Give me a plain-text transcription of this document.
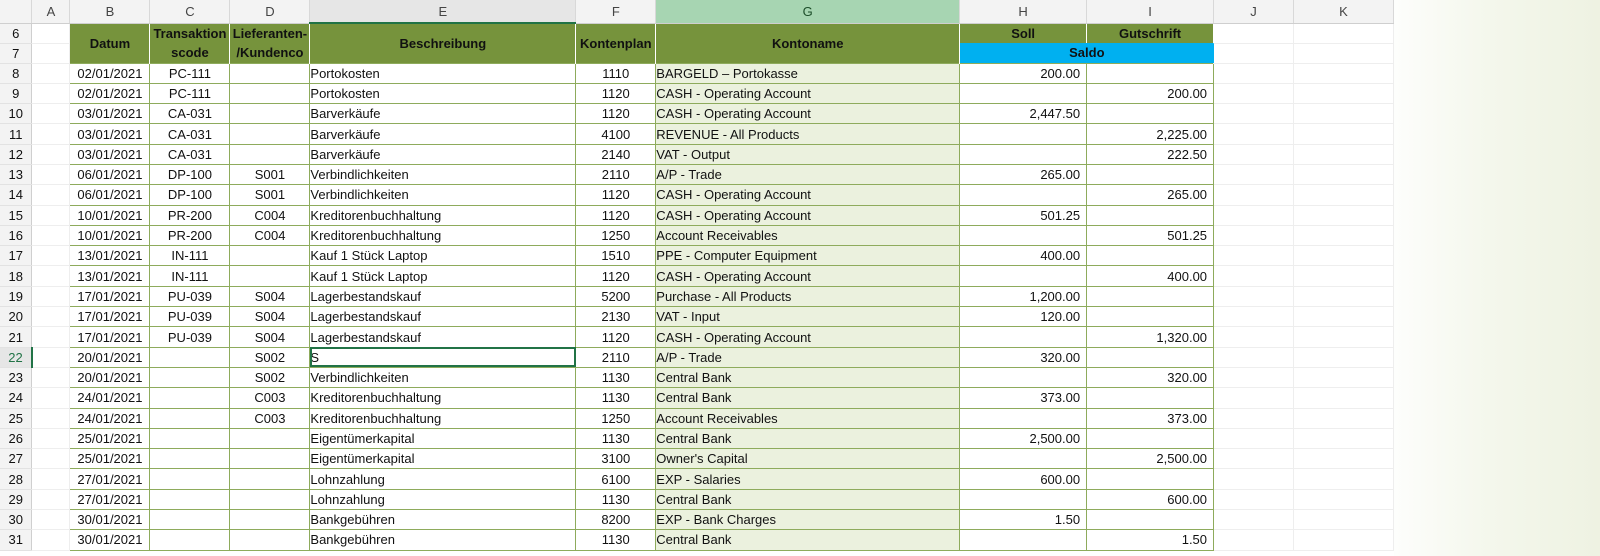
	A	B	C	D	E	F	G	H	I	J	K
6		Datum	Transaktion	Lieferanten-	Beschreibung	Kontenplan	Kontoname	Soll	Gutschrift		
7			scode	/Kundenco				Saldo			
8		02/01/2021	PC-111		Portokosten	1110	BARGELD – Portokasse	200.00			
9		02/01/2021	PC-111		Portokosten	1120	CASH - Operating Account		200.00		
10		03/01/2021	CA-031		Barverkäufe	1120	CASH - Operating Account	2,447.50			
11		03/01/2021	CA-031		Barverkäufe	4100	REVENUE - All Products		2,225.00		
12		03/01/2021	CA-031		Barverkäufe	2140	VAT - Output		222.50		
13		06/01/2021	DP-100	S001	Verbindlichkeiten	2110	A/P - Trade	265.00			
14		06/01/2021	DP-100	S001	Verbindlichkeiten	1120	CASH - Operating Account		265.00		
15		10/01/2021	PR-200	C004	Kreditorenbuchhaltung	1120	CASH - Operating Account	501.25			
16		10/01/2021	PR-200	C004	Kreditorenbuchhaltung	1250	Account Receivables		501.25		
17		13/01/2021	IN-111		Kauf 1 Stück Laptop	1510	PPE - Computer Equipment	400.00			
18		13/01/2021	IN-111		Kauf 1 Stück Laptop	1120	CASH - Operating Account		400.00		
19		17/01/2021	PU-039	S004	Lagerbestandskauf	5200	Purchase - All Products	1,200.00			
20		17/01/2021	PU-039	S004	Lagerbestandskauf	2130	VAT - Input	120.00			
21		17/01/2021	PU-039	S004	Lagerbestandskauf	1120	CASH - Operating Account		1,320.00		
22		20/01/2021		S002	S	2110	A/P - Trade	320.00			
23		20/01/2021		S002	Verbindlichkeiten	1130	Central Bank		320.00		
24		24/01/2021		C003	Kreditorenbuchhaltung	1130	Central Bank	373.00			
25		24/01/2021		C003	Kreditorenbuchhaltung	1250	Account Receivables		373.00		
26		25/01/2021			Eigentümerkapital	1130	Central Bank	2,500.00			
27		25/01/2021			Eigentümerkapital	3100	Owner's Capital		2,500.00		
28		27/01/2021			Lohnzahlung	6100	EXP - Salaries	600.00			
29		27/01/2021			Lohnzahlung	1130	Central Bank		600.00		
30		30/01/2021			Bankgebühren	8200	EXP - Bank Charges	1.50			
31		30/01/2021			Bankgebühren	1130	Central Bank		1.50		
